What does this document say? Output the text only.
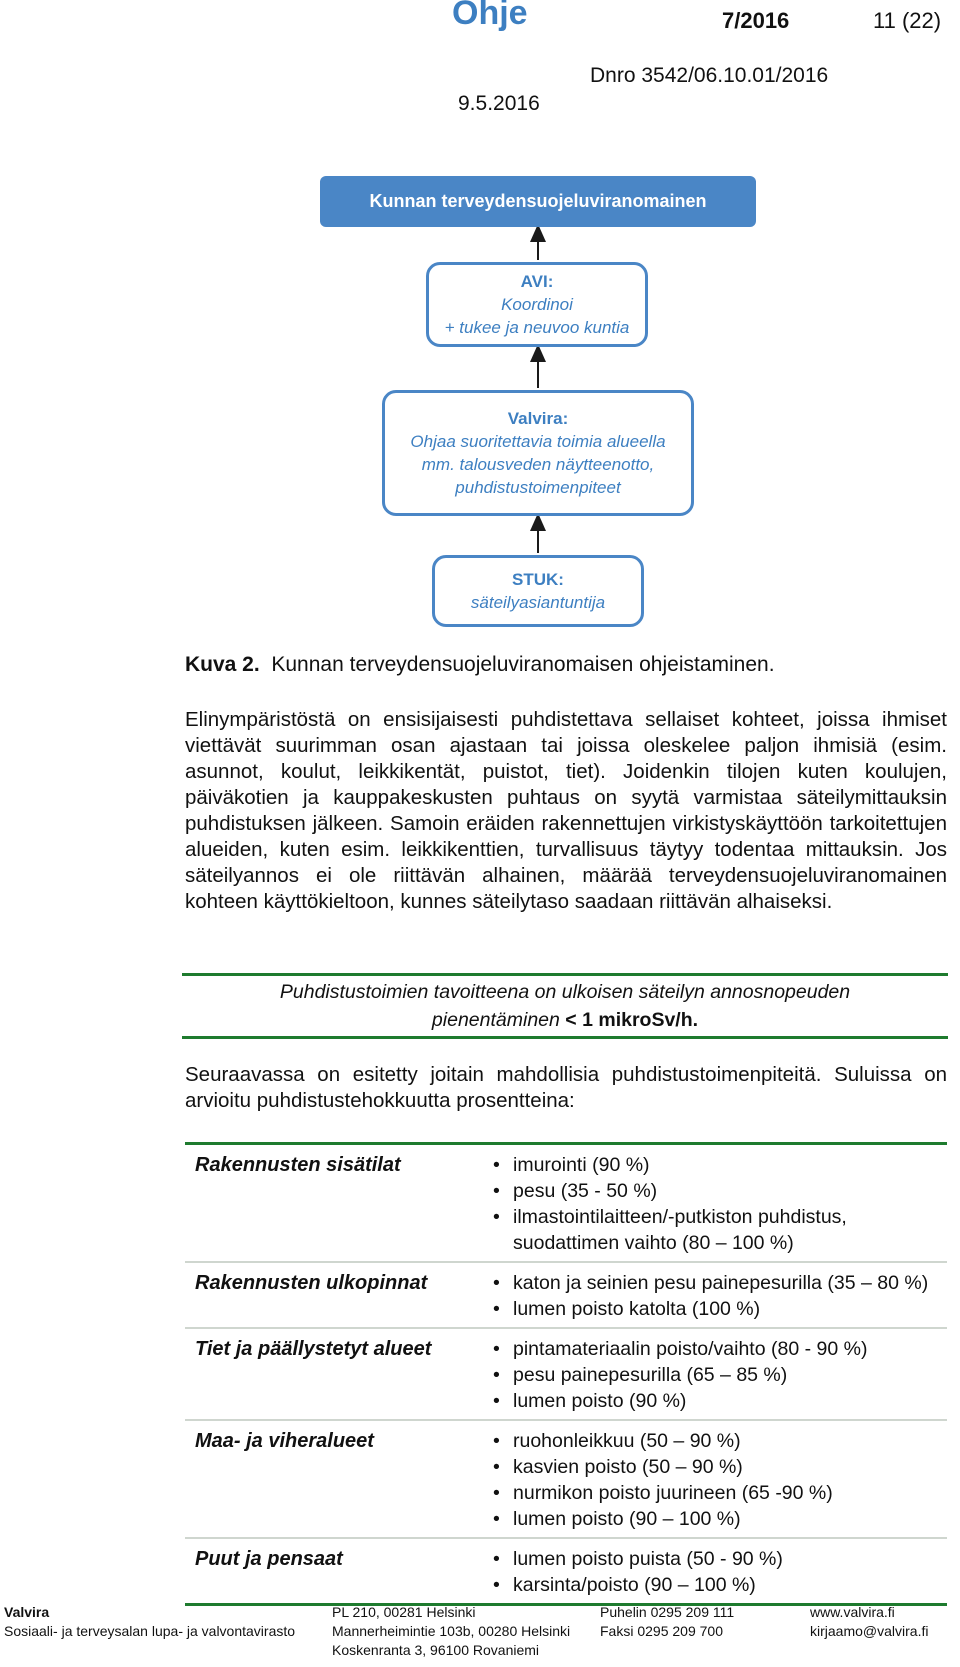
Ohje	7/2016	11 (22)
Dnro 3542/06.10.01/2016
9.5.2016
Kunnan terveydensuojeluviranomainen
AVI:
Koordinoi
+ tukee ja neuvoo kuntia
Valvira:
Ohjaa suoritettavia toimia alueella
mm. talousveden näytteenotto,
puhdistustoimenpiteet
STUK:
säteilyasiantuntija
Kuva 2. Kunnan terveydensuojeluviranomaisen ohjeistaminen.
Elinympäristöstä on ensisijaisesti puhdistettava sellaiset kohteet, joissa ihmiset viettävät suurimman osan ajastaan tai joissa oleskelee paljon ihmisiä (esim. asunnot, koulut, leikkikentät, puistot, tiet). Joidenkin tilojen kuten koulujen, päiväkotien ja kauppakeskusten puhtaus on syytä varmistaa säteilymittauksin puhdistuksen jälkeen. Samoin eräiden rakennettujen virkistyskäyttöön tarkoitettujen alueiden, kuten esim. leikkikenttien, turvallisuus täytyy todentaa mittauksin. Jos säteilyannos ei ole riittävän alhainen, määrää terveydensuojeluviranomainen kohteen käyttökieltoon, kunnes säteilytaso saadaan riittävän alhaiseksi.
Puhdistustoimien tavoitteena on ulkoisen säteilyn annosnopeuden
pienentäminen < 1 mikroSv/h.
Seuraavassa on esitetty joitain mahdollisia puhdistustoimenpiteitä. Suluissa on arvioitu puhdistustehokkuutta prosentteina:
Rakennusten sisätilat	• imurointi (90 %)
• pesu (35 - 50 %)
• ilmastointilaitteen/-putkiston puhdistus, suodattimen vaihto (80 – 100 %)
Rakennusten ulkopinnat	• katon ja seinien pesu painepesurilla (35 – 80 %)
• lumen poisto katolta (100 %)
Tiet ja päällystetyt alueet	• pintamateriaalin poisto/vaihto (80 - 90 %)
• pesu painepesurilla (65 – 85 %)
• lumen poisto (90 %)
Maa- ja viheralueet	• ruohonleikkuu (50 – 90 %)
• kasvien poisto (50 – 90 %)
• nurmikon poisto juurineen (65 -90 %)
• lumen poisto (90 – 100 %)
Puut ja pensaat	• lumen poisto puista (50 - 90 %)
• karsinta/poisto (90 – 100 %)
Valvira
Sosiaali- ja terveysalan lupa- ja valvontavirasto
PL 210, 00281 Helsinki
Mannerheimintie 103b, 00280 Helsinki
Koskenranta 3, 96100 Rovaniemi
Puhelin 0295 209 111
Faksi 0295 209 700
www.valvira.fi
kirjaamo@valvira.fi
